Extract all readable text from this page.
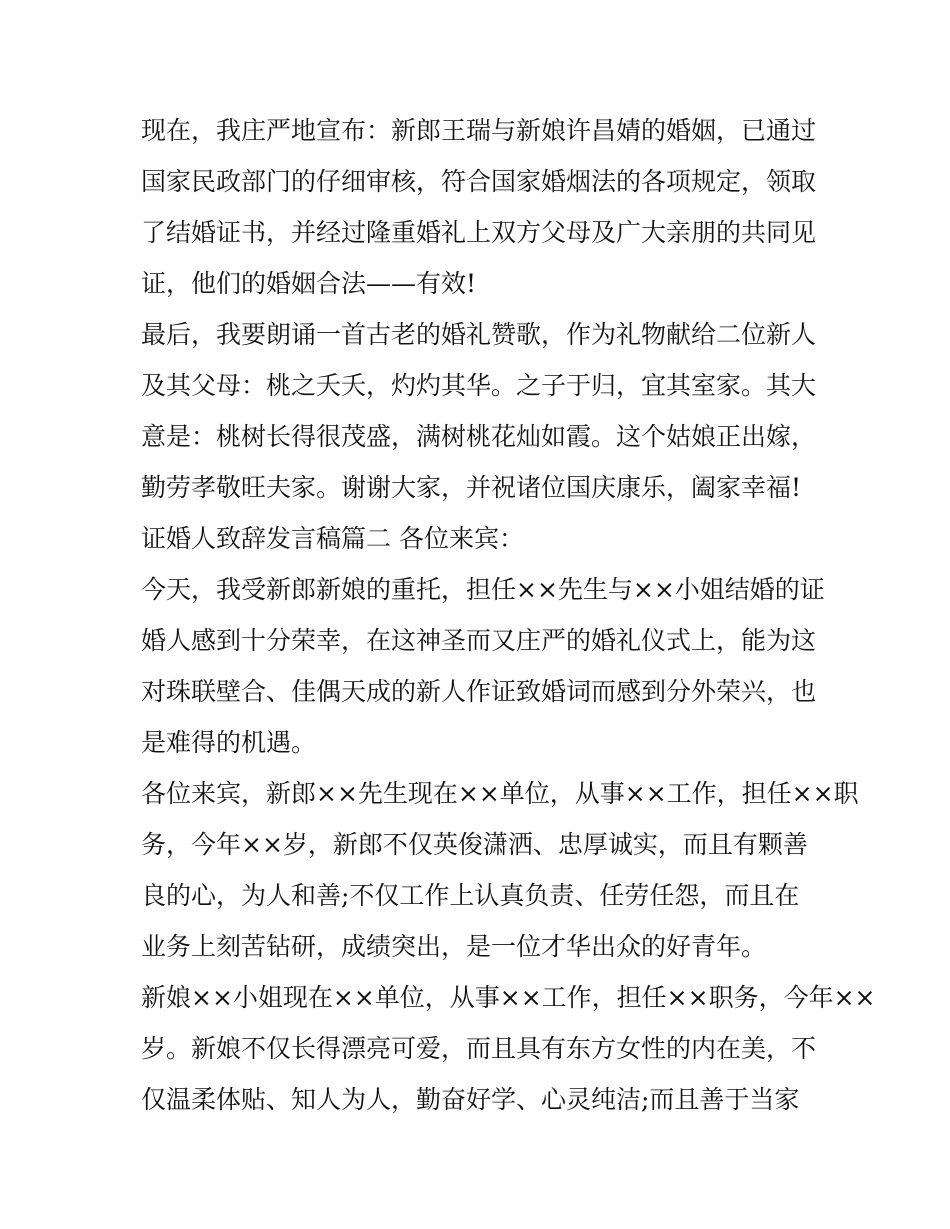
现在，我庄严地宣布：新郎王瑞与新娘许昌婧的婚姻，已通过
国家民政部门的仔细审核，符合国家婚烟法的各项规定，领取
了结婚证书，并经过隆重婚礼上双方父母及广大亲朋的共同见
证，他们的婚姻合法——有效!
最后，我要朗诵一首古老的婚礼赞歌，作为礼物献给二位新人
及其父母：桃之夭夭，灼灼其华。之子于归，宜其室家。其大
意是：桃树长得很茂盛，满树桃花灿如霞。这个姑娘正出嫁，
勤劳孝敬旺夫家。谢谢大家，并祝诸位国庆康乐，阖家幸福!
证婚人致辞发言稿篇二 各位来宾：
今天，我受新郎新娘的重托，担任××先生与××小姐结婚的证
婚人感到十分荣幸，在这神圣而又庄严的婚礼仪式上，能为这
对珠联壁合、佳偶天成的新人作证致婚词而感到分外荣兴，也
是难得的机遇。
各位来宾，新郎××先生现在××单位，从事××工作，担任××职
务，今年××岁，新郎不仅英俊潇洒、忠厚诚实，而且有颗善
良的心，为人和善;不仅工作上认真负责、任劳任怨，而且在
业务上刻苦钻研，成绩突出，是一位才华出众的好青年。
新娘××小姐现在××单位，从事××工作，担任××职务，今年××
岁。新娘不仅长得漂亮可爱，而且具有东方女性的内在美，不
仅温柔体贴、知人为人，勤奋好学、心灵纯洁;而且善于当家
